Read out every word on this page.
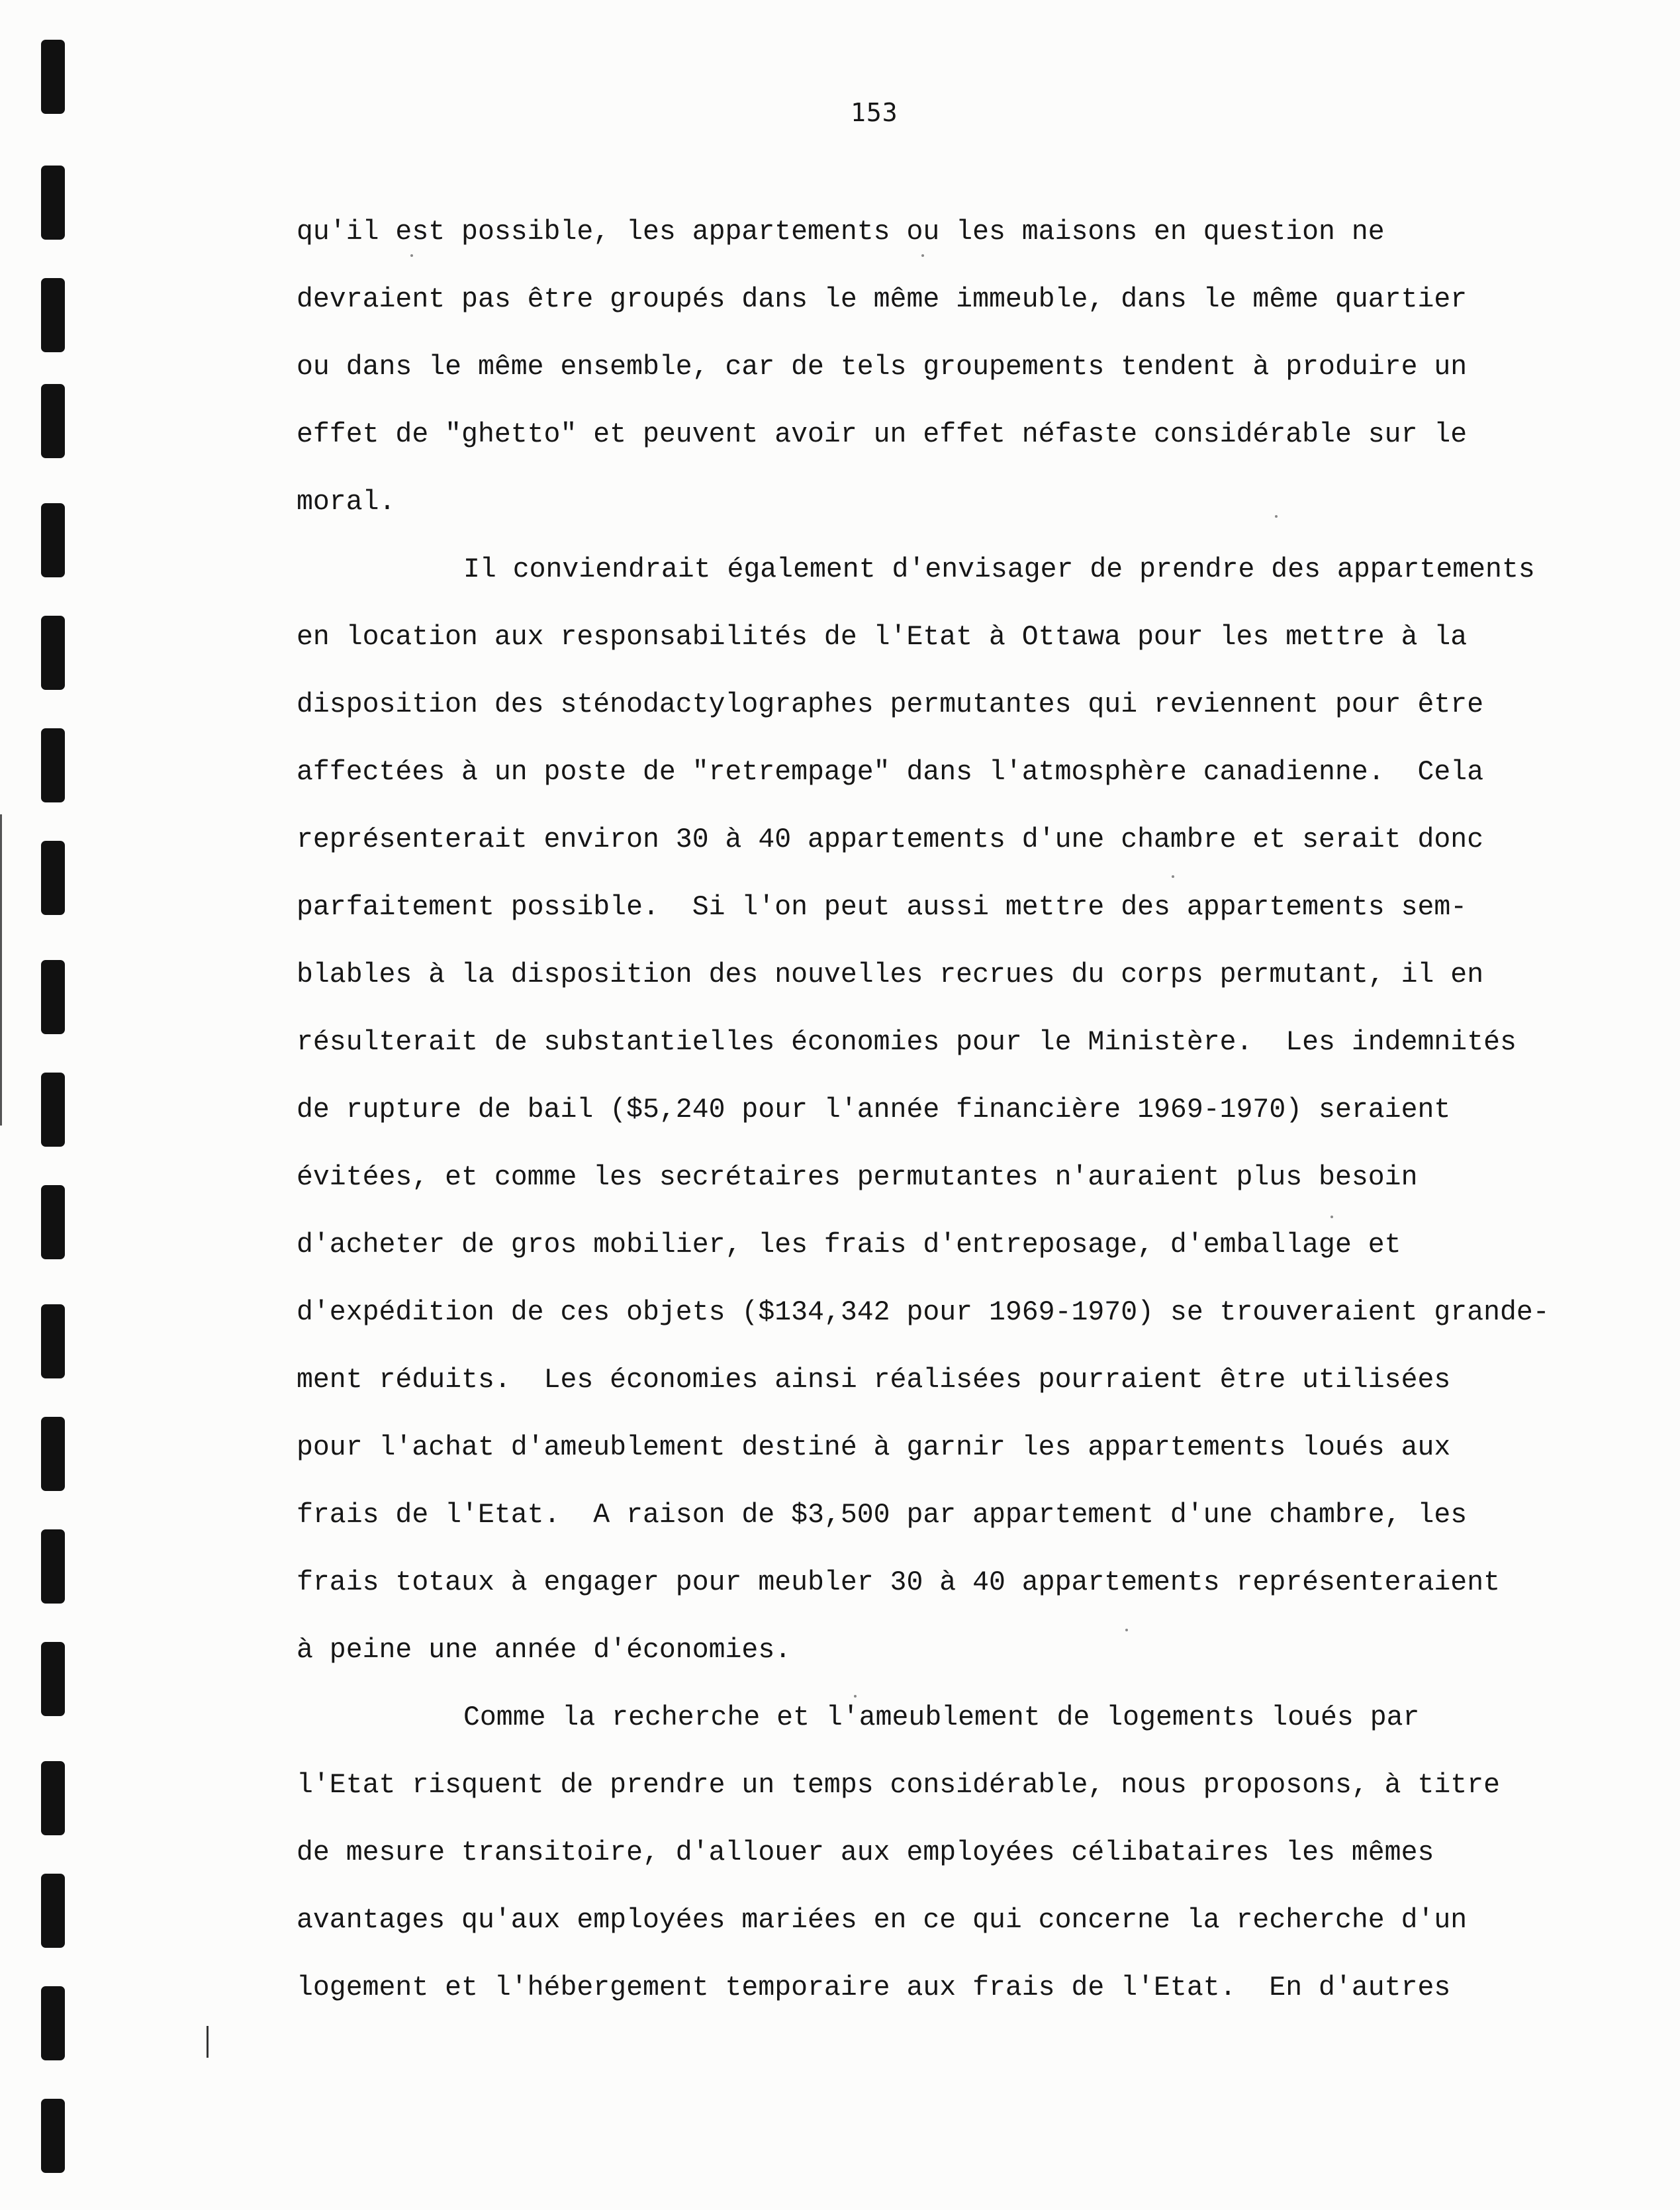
153
qu'il est possible, les appartements ou les maisons en question ne
devraient pas être groupés dans le même immeuble, dans le même quartier
ou dans le même ensemble, car de tels groupements tendent à produire un
effet de "ghetto" et peuvent avoir un effet néfaste considérable sur le
moral.
Il conviendrait également d'envisager de prendre des appartements
en location aux responsabilités de l'Etat à Ottawa pour les mettre à la
disposition des sténodactylographes permutantes qui reviennent pour être
affectées à un poste de "retrempage" dans l'atmosphère canadienne.  Cela
représenterait environ 30 à 40 appartements d'une chambre et serait donc
parfaitement possible.  Si l'on peut aussi mettre des appartements sem-
blables à la disposition des nouvelles recrues du corps permutant, il en
résulterait de substantielles économies pour le Ministère.  Les indemnités
de rupture de bail ($5,240 pour l'année financière 1969-1970) seraient
évitées, et comme les secrétaires permutantes n'auraient plus besoin
d'acheter de gros mobilier, les frais d'entreposage, d'emballage et
d'expédition de ces objets ($134,342 pour 1969-1970) se trouveraient grande-
ment réduits.  Les économies ainsi réalisées pourraient être utilisées
pour l'achat d'ameublement destiné à garnir les appartements loués aux
frais de l'Etat.  A raison de $3,500 par appartement d'une chambre, les
frais totaux à engager pour meubler 30 à 40 appartements représenteraient
à peine une année d'économies.
Comme la recherche et l'ameublement de logements loués par
l'Etat risquent de prendre un temps considérable, nous proposons, à titre
de mesure transitoire, d'allouer aux employées célibataires les mêmes
avantages qu'aux employées mariées en ce qui concerne la recherche d'un
logement et l'hébergement temporaire aux frais de l'Etat.  En d'autres
